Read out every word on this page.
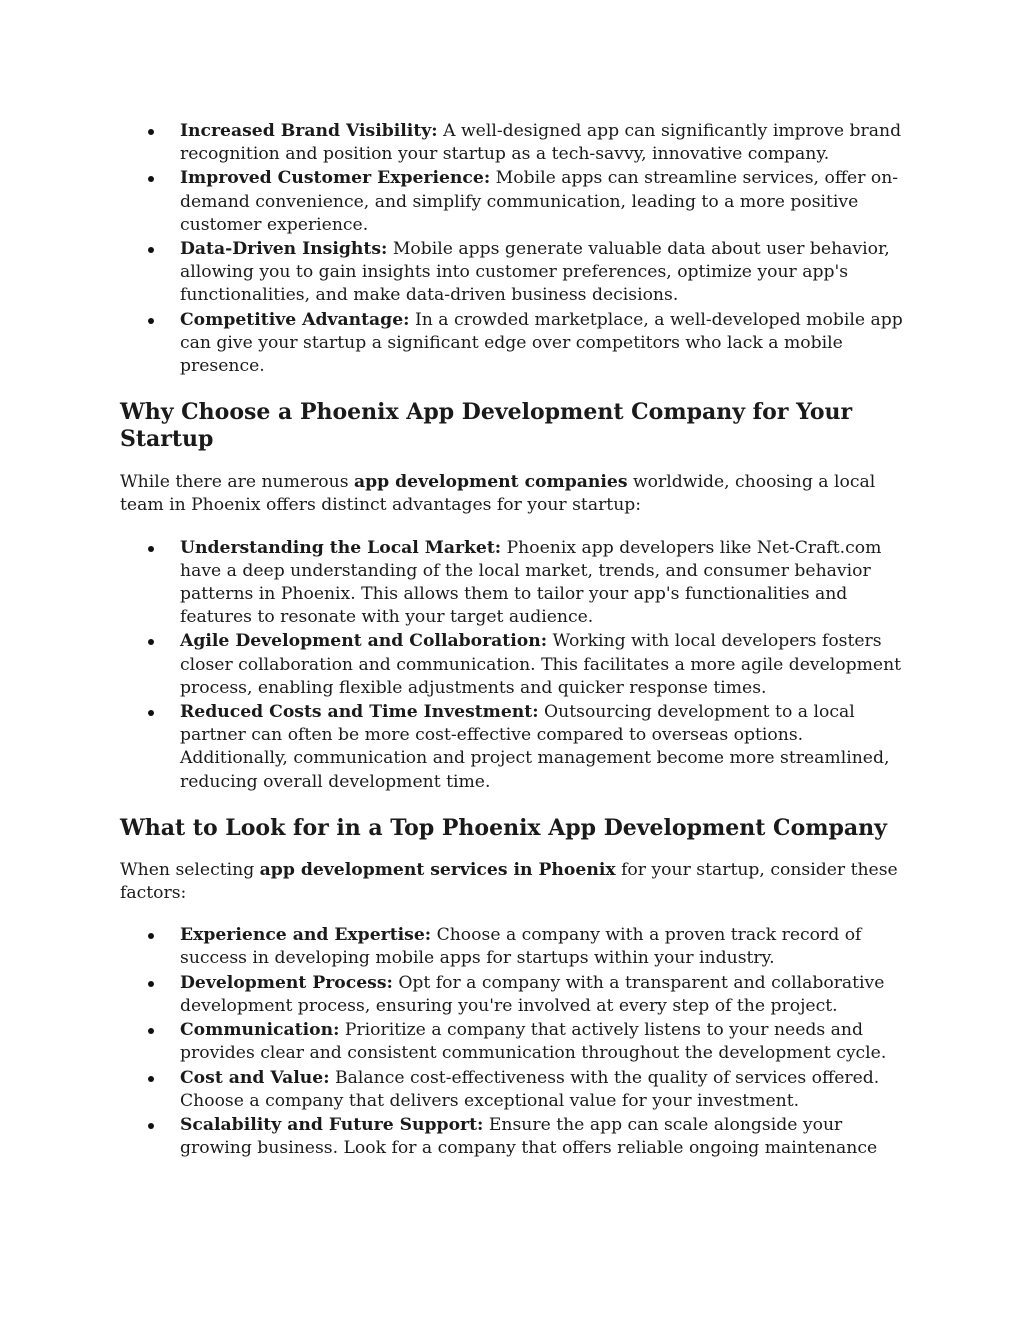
Increased Brand Visibility: A well-designed app can significantly improve brand recognition and position your startup as a tech-savvy, innovative company.
Improved Customer Experience: Mobile apps can streamline services, offer on-demand convenience, and simplify communication, leading to a more positive customer experience.
Data-Driven Insights: Mobile apps generate valuable data about user behavior, allowing you to gain insights into customer preferences, optimize your app's functionalities, and make data-driven business decisions.
Competitive Advantage: In a crowded marketplace, a well-developed mobile app can give your startup a significant edge over competitors who lack a mobile presence.
Why Choose a Phoenix App Development Company for Your Startup

While there are numerous app development companies worldwide, choosing a local team in Phoenix offers distinct advantages for your startup:

Understanding the Local Market: Phoenix app developers like Net-Craft.com have a deep understanding of the local market, trends, and consumer behavior patterns in Phoenix. This allows them to tailor your app's functionalities and features to resonate with your target audience.
Agile Development and Collaboration: Working with local developers fosters closer collaboration and communication. This facilitates a more agile development process, enabling flexible adjustments and quicker response times.
Reduced Costs and Time Investment: Outsourcing development to a local partner can often be more cost-effective compared to overseas options. Additionally, communication and project management become more streamlined, reducing overall development time.
What to Look for in a Top Phoenix App Development Company

When selecting app development services in Phoenix for your startup, consider these factors:

Experience and Expertise: Choose a company with a proven track record of success in developing mobile apps for startups within your industry.
Development Process: Opt for a company with a transparent and collaborative development process, ensuring you're involved at every step of the project.
Communication: Prioritize a company that actively listens to your needs and provides clear and consistent communication throughout the development cycle.
Cost and Value: Balance cost-effectiveness with the quality of services offered. Choose a company that delivers exceptional value for your investment.
Scalability and Future Support: Ensure the app can scale alongside your growing business. Look for a company that offers reliable ongoing maintenance
